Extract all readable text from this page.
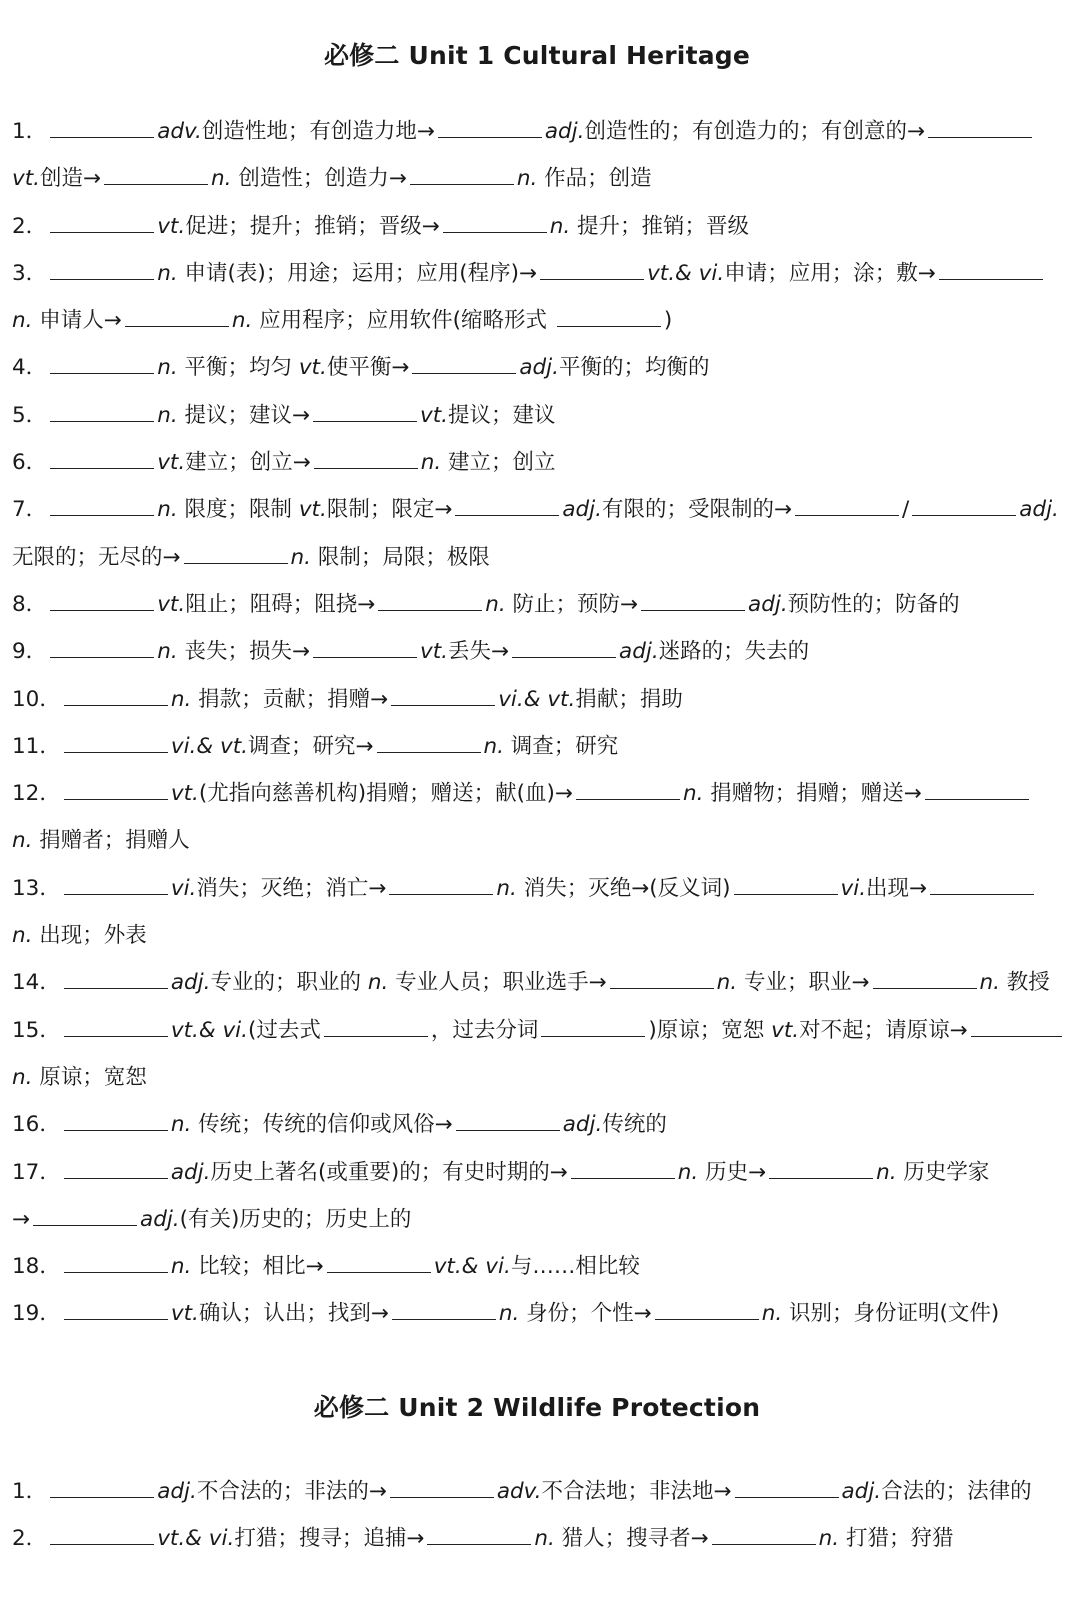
必修二 Unit 1 Cultural Heritage
1．	adv.创造性地；有创造力地→	adj.创造性的；有创造力的；有创意的→
vt.创造→	n. 创造性；创造力→	n. 作品；创造
2．	vt.促进；提升；推销；晋级→	n. 提升；推销；晋级
3．	n. 申请(表)；用途；运用；应用(程序)→	vt.& vi.申请；应用；涂；敷→
n. 申请人→	n. 应用程序；应用软件(缩略形式	)
4．	n. 平衡；均匀 vt.使平衡→	adj.平衡的；均衡的
5．	n. 提议；建议→	vt.提议；建议
6．	vt.建立；创立→	n. 建立；创立
7．	n. 限度；限制 vt.限制；限定→	adj.有限的；受限制的→	/	adj.
无限的；无尽的→	n. 限制；局限；极限
8．	vt.阻止；阻碍；阻挠→	n. 防止；预防→	adj.预防性的；防备的
9．	n. 丧失；损失→	vt.丢失→	adj.迷路的；失去的
10．	n. 捐款；贡献；捐赠→	vi.& vt.捐献；捐助
11．	vi.& vt.调查；研究→	n. 调查；研究
12．	vt.(尤指向慈善机构)捐赠；赠送；献(血)→	n. 捐赠物；捐赠；赠送→
n. 捐赠者；捐赠人
13．	vi.消失；灭绝；消亡→	n. 消失；灭绝→(反义词)	vi.出现→
n. 出现；外表
14．	adj.专业的；职业的 n. 专业人员；职业选手→	n. 专业；职业→	n. 教授
15．	vt.& vi.(过去式	，过去分词	)原谅；宽恕 vt.对不起；请原谅→
n. 原谅；宽恕
16．	n. 传统；传统的信仰或风俗→	adj.传统的
17．	adj.历史上著名(或重要)的；有史时期的→	n. 历史→	n. 历史学家
→	adj.(有关)历史的；历史上的
18．	n. 比较；相比→	vt.& vi.与……相比较
19．	vt.确认；认出；找到→	n. 身份；个性→	n. 识别；身份证明(文件)
必修二 Unit 2 Wildlife Protection
1．	adj.不合法的；非法的→	adv.不合法地；非法地→	adj.合法的；法律的
2．	vt.& vi.打猎；搜寻；追捕→	n. 猎人；搜寻者→	n. 打猎；狩猎
